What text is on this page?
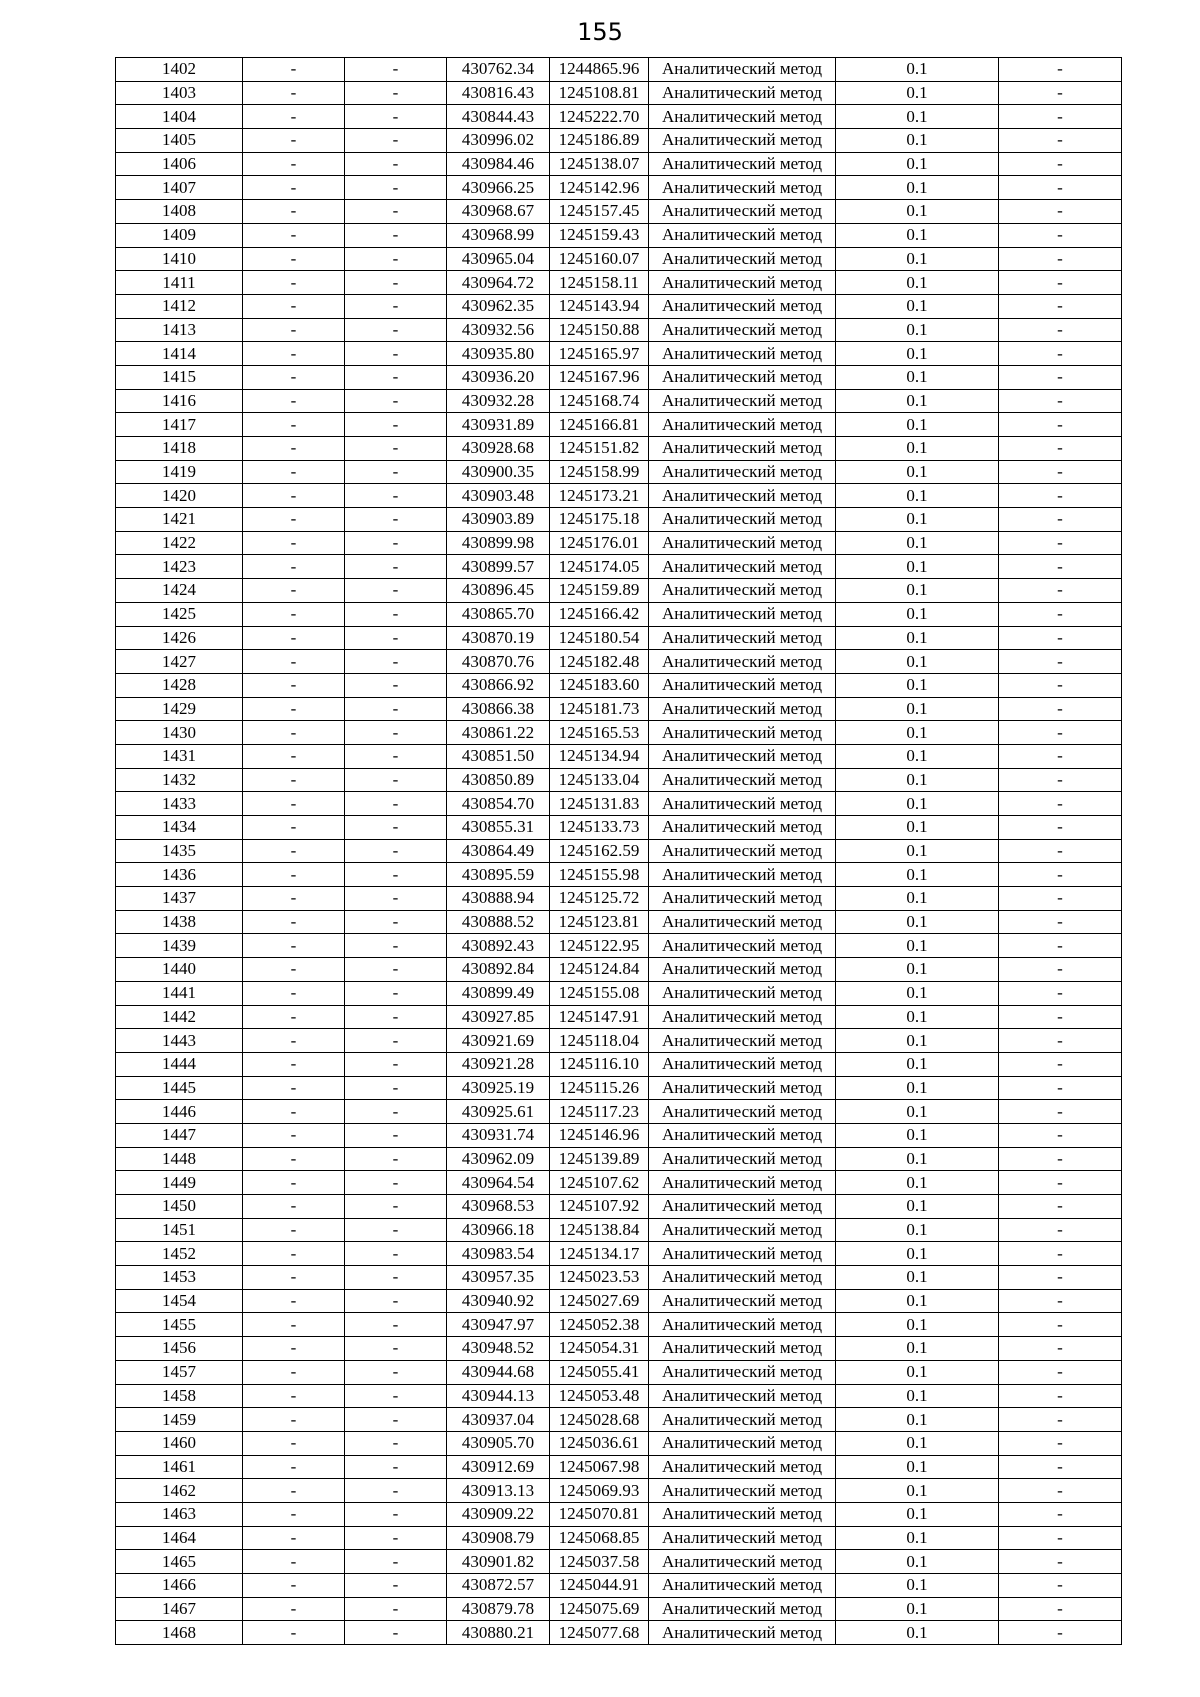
155
1402	-	-	430762.34	1244865.96	Аналитический метод	0.1	-
1403	-	-	430816.43	1245108.81	Аналитический метод	0.1	-
1404	-	-	430844.43	1245222.70	Аналитический метод	0.1	-
1405	-	-	430996.02	1245186.89	Аналитический метод	0.1	-
1406	-	-	430984.46	1245138.07	Аналитический метод	0.1	-
1407	-	-	430966.25	1245142.96	Аналитический метод	0.1	-
1408	-	-	430968.67	1245157.45	Аналитический метод	0.1	-
1409	-	-	430968.99	1245159.43	Аналитический метод	0.1	-
1410	-	-	430965.04	1245160.07	Аналитический метод	0.1	-
1411	-	-	430964.72	1245158.11	Аналитический метод	0.1	-
1412	-	-	430962.35	1245143.94	Аналитический метод	0.1	-
1413	-	-	430932.56	1245150.88	Аналитический метод	0.1	-
1414	-	-	430935.80	1245165.97	Аналитический метод	0.1	-
1415	-	-	430936.20	1245167.96	Аналитический метод	0.1	-
1416	-	-	430932.28	1245168.74	Аналитический метод	0.1	-
1417	-	-	430931.89	1245166.81	Аналитический метод	0.1	-
1418	-	-	430928.68	1245151.82	Аналитический метод	0.1	-
1419	-	-	430900.35	1245158.99	Аналитический метод	0.1	-
1420	-	-	430903.48	1245173.21	Аналитический метод	0.1	-
1421	-	-	430903.89	1245175.18	Аналитический метод	0.1	-
1422	-	-	430899.98	1245176.01	Аналитический метод	0.1	-
1423	-	-	430899.57	1245174.05	Аналитический метод	0.1	-
1424	-	-	430896.45	1245159.89	Аналитический метод	0.1	-
1425	-	-	430865.70	1245166.42	Аналитический метод	0.1	-
1426	-	-	430870.19	1245180.54	Аналитический метод	0.1	-
1427	-	-	430870.76	1245182.48	Аналитический метод	0.1	-
1428	-	-	430866.92	1245183.60	Аналитический метод	0.1	-
1429	-	-	430866.38	1245181.73	Аналитический метод	0.1	-
1430	-	-	430861.22	1245165.53	Аналитический метод	0.1	-
1431	-	-	430851.50	1245134.94	Аналитический метод	0.1	-
1432	-	-	430850.89	1245133.04	Аналитический метод	0.1	-
1433	-	-	430854.70	1245131.83	Аналитический метод	0.1	-
1434	-	-	430855.31	1245133.73	Аналитический метод	0.1	-
1435	-	-	430864.49	1245162.59	Аналитический метод	0.1	-
1436	-	-	430895.59	1245155.98	Аналитический метод	0.1	-
1437	-	-	430888.94	1245125.72	Аналитический метод	0.1	-
1438	-	-	430888.52	1245123.81	Аналитический метод	0.1	-
1439	-	-	430892.43	1245122.95	Аналитический метод	0.1	-
1440	-	-	430892.84	1245124.84	Аналитический метод	0.1	-
1441	-	-	430899.49	1245155.08	Аналитический метод	0.1	-
1442	-	-	430927.85	1245147.91	Аналитический метод	0.1	-
1443	-	-	430921.69	1245118.04	Аналитический метод	0.1	-
1444	-	-	430921.28	1245116.10	Аналитический метод	0.1	-
1445	-	-	430925.19	1245115.26	Аналитический метод	0.1	-
1446	-	-	430925.61	1245117.23	Аналитический метод	0.1	-
1447	-	-	430931.74	1245146.96	Аналитический метод	0.1	-
1448	-	-	430962.09	1245139.89	Аналитический метод	0.1	-
1449	-	-	430964.54	1245107.62	Аналитический метод	0.1	-
1450	-	-	430968.53	1245107.92	Аналитический метод	0.1	-
1451	-	-	430966.18	1245138.84	Аналитический метод	0.1	-
1452	-	-	430983.54	1245134.17	Аналитический метод	0.1	-
1453	-	-	430957.35	1245023.53	Аналитический метод	0.1	-
1454	-	-	430940.92	1245027.69	Аналитический метод	0.1	-
1455	-	-	430947.97	1245052.38	Аналитический метод	0.1	-
1456	-	-	430948.52	1245054.31	Аналитический метод	0.1	-
1457	-	-	430944.68	1245055.41	Аналитический метод	0.1	-
1458	-	-	430944.13	1245053.48	Аналитический метод	0.1	-
1459	-	-	430937.04	1245028.68	Аналитический метод	0.1	-
1460	-	-	430905.70	1245036.61	Аналитический метод	0.1	-
1461	-	-	430912.69	1245067.98	Аналитический метод	0.1	-
1462	-	-	430913.13	1245069.93	Аналитический метод	0.1	-
1463	-	-	430909.22	1245070.81	Аналитический метод	0.1	-
1464	-	-	430908.79	1245068.85	Аналитический метод	0.1	-
1465	-	-	430901.82	1245037.58	Аналитический метод	0.1	-
1466	-	-	430872.57	1245044.91	Аналитический метод	0.1	-
1467	-	-	430879.78	1245075.69	Аналитический метод	0.1	-
1468	-	-	430880.21	1245077.68	Аналитический метод	0.1	-
